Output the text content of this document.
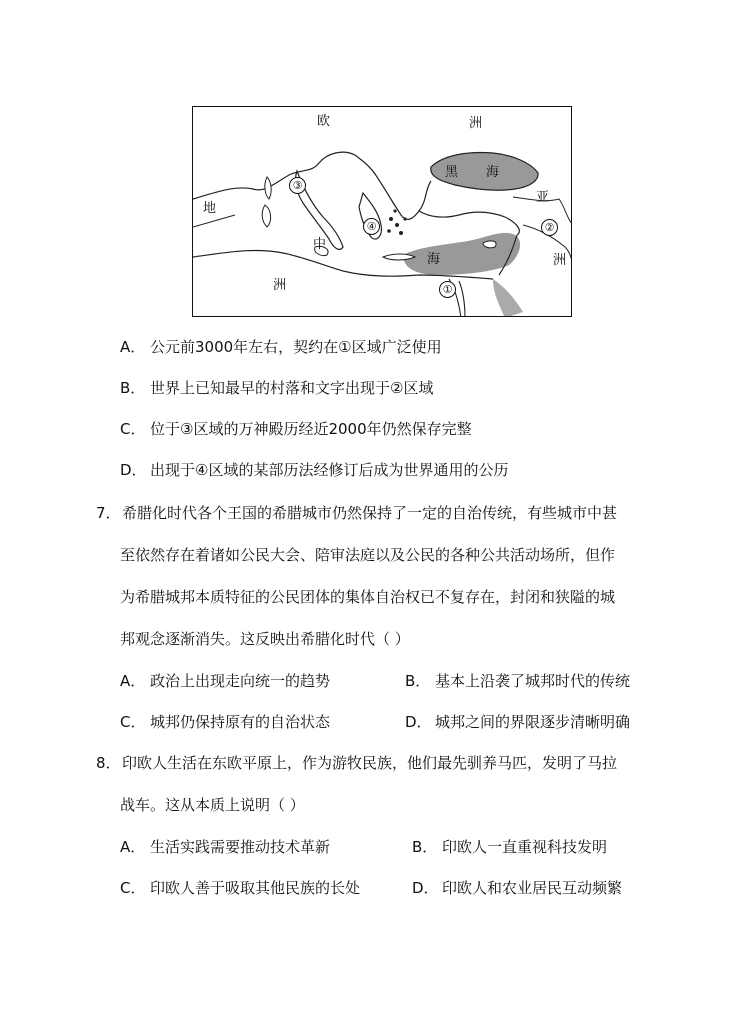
欧	洲
黑 海
亚
洲
地
中
海
洲	①
②
③
④
A． 公元前3000年左右，契约在①区域广泛使用
B． 世界上已知最早的村落和文字出现于②区域
C． 位于③区域的万神殿历经近2000年仍然保存完整
D． 出现于④区域的某部历法经修订后成为世界通用的公历
7． 希腊化时代各个王国的希腊城市仍然保持了一定的自治传统，有些城市中甚
至依然存在着诸如公民大会、陪审法庭以及公民的各种公共活动场所，但作
为希腊城邦本质特征的公民团体的集体自治权已不复存在，封闭和狭隘的城
邦观念逐渐消失。这反映出希腊化时代（ ）
A． 政治上出现走向统一的趋势	B． 基本上沿袭了城邦时代的传统
C． 城邦仍保持原有的自治状态	D． 城邦之间的界限逐步清晰明确
8． 印欧人生活在东欧平原上，作为游牧民族，他们最先驯养马匹，发明了马拉
战车。这从本质上说明（ ）
A． 生活实践需要推动技术革新	B． 印欧人一直重视科技发明
C． 印欧人善于吸取其他民族的长处	D． 印欧人和农业居民互动频繁
